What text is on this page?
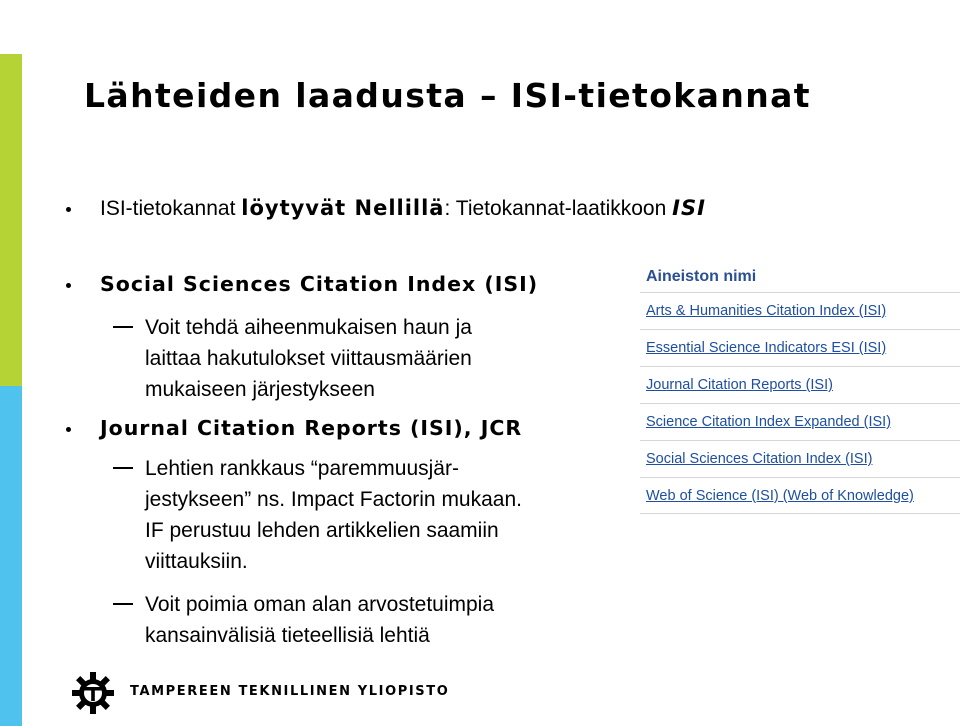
Lähteiden laadusta – ISI-tietokannat
ISI-tietokannat löytyvät Nellillä: Tietokannat-laatikkoon ISI
Social Sciences Citation Index (ISI)
Voit tehdä aiheenmukaisen haun ja
laittaa hakutulokset viittausmäärien
mukaiseen järjestykseen
Journal Citation Reports (ISI), JCR
Lehtien rankkaus “paremmuusjär-
jestykseen” ns. Impact Factorin mukaan.
IF perustuu lehden artikkelien saamiin
viittauksiin.
Voit poimia oman alan arvostetuimpia
kansainvälisiä tieteellisiä lehtiä
Aineiston nimi
Arts & Humanities Citation Index (ISI)
Essential Science Indicators ESI (ISI)
Journal Citation Reports (ISI)
Science Citation Index Expanded (ISI)
Social Sciences Citation Index (ISI)
Web of Science (ISI) (Web of Knowledge)
TAMPEREEN TEKNILLINEN YLIOPISTO
